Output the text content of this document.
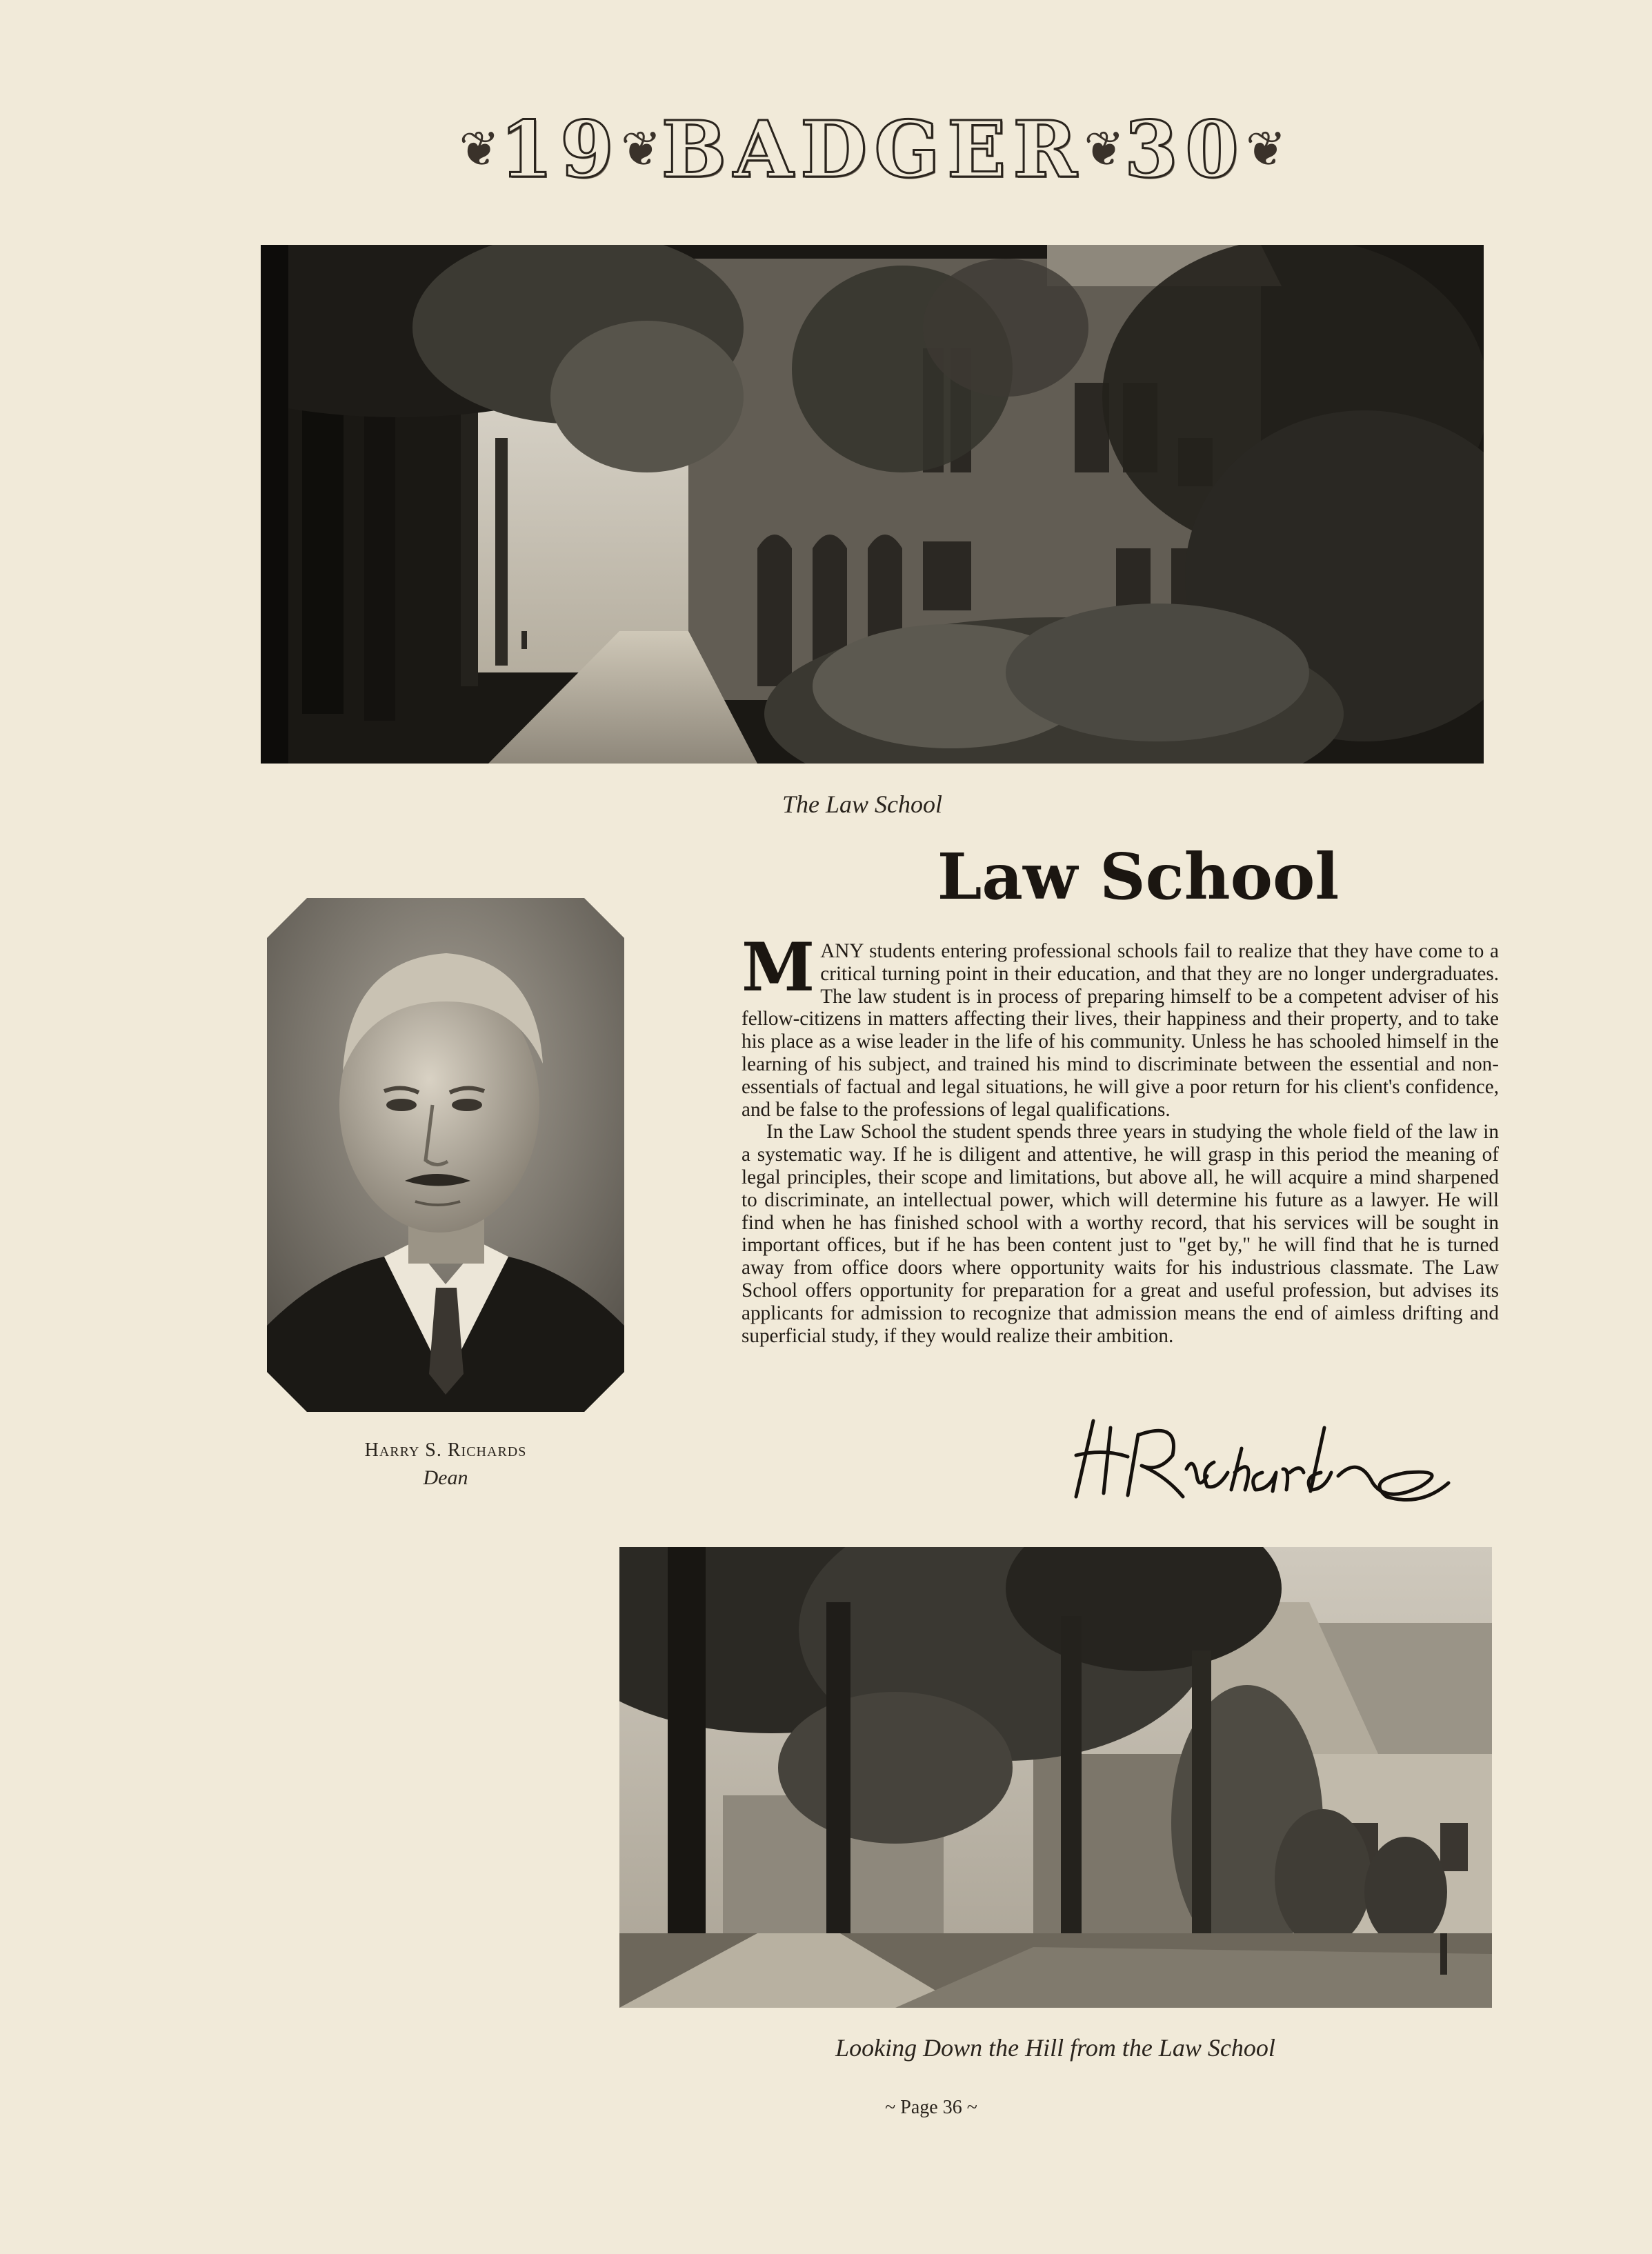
❦ 19 ❦ BADGER ❦ 30 ❦
The Law School
Harry S. Richards
Dean
Law School

MANY students entering professional schools fail to realize that they have come to a critical turning point in their education, and that they are no longer undergraduates. The law student is in process of preparing himself to be a competent adviser of his fellow-citizens in matters affecting their lives, their happiness and their property, and to take his place as a wise leader in the life of his community. Unless he has schooled himself in the learning of his subject, and trained his mind to discriminate between the essential and non-essentials of factual and legal situations, he will give a poor return for his client's confidence, and be false to the professions of legal qualifications.

In the Law School the student spends three years in studying the whole field of the law in a systematic way. If he is diligent and attentive, he will grasp in this period the meaning of legal principles, their scope and limitations, but above all, he will acquire a mind sharpened to discriminate, an intellectual power, which will determine his future as a lawyer. He will find when he has finished school with a worthy record, that his services will be sought in important offices, but if he has been content just to "get by," he will find that he is turned away from office doors where opportunity waits for his industrious classmate. The Law School offers opportunity for preparation for a great and useful profession, but advises its applicants for admission to recognize that admission means the end of aimless drifting and superficial study, if they would realize their ambition.

Looking Down the Hill from the Law School
~ Page 36 ~
